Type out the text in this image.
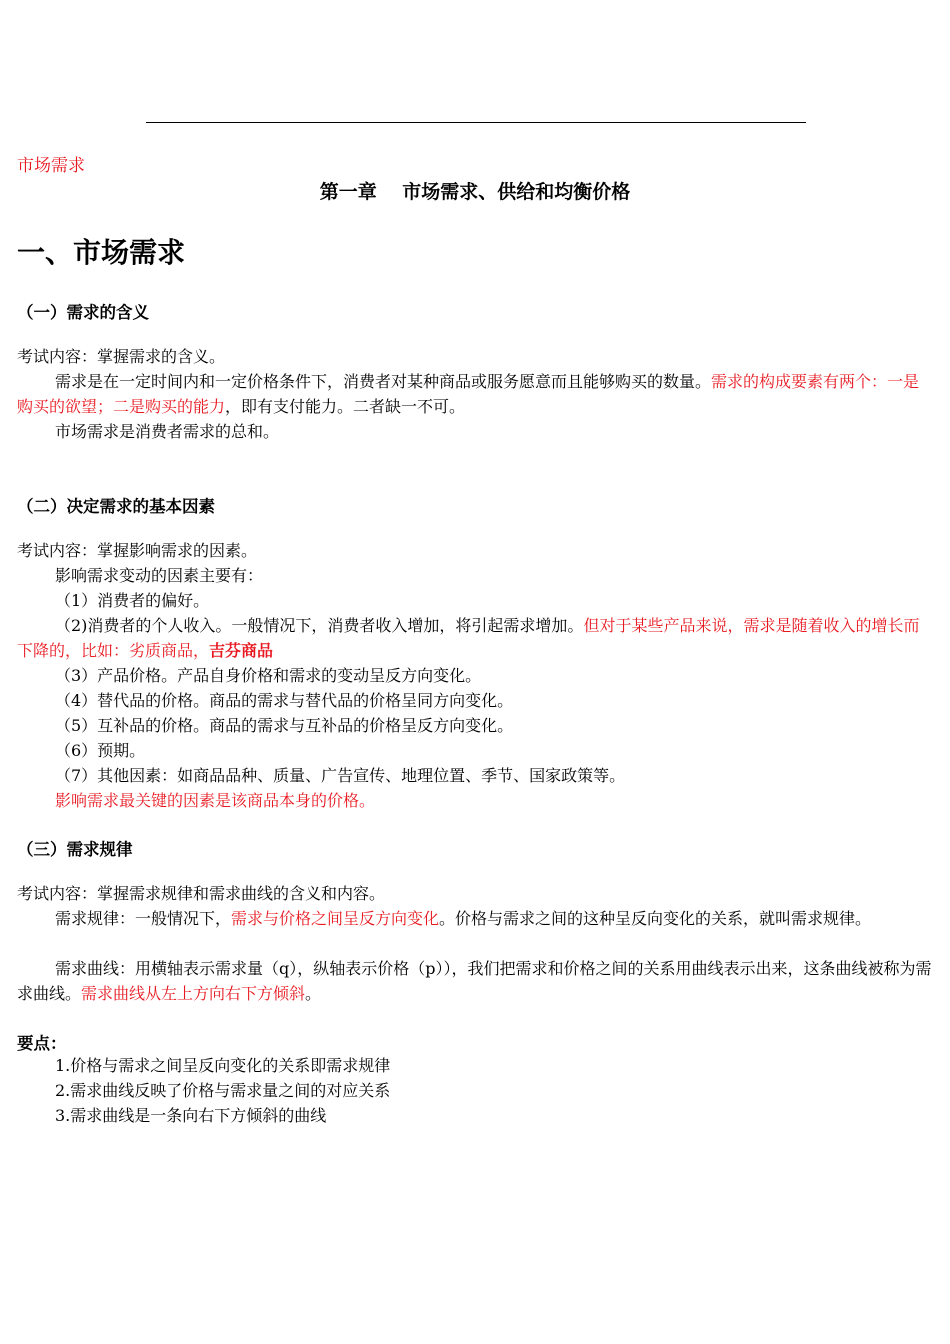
市场需求
第一章　 市场需求、供给和均衡价格
一、市场需求
（一）需求的含义
考试内容：掌握需求的含义。
需求是在一定时间内和一定价格条件下，消费者对某种商品或服务愿意而且能够购买的数量。需求的构成要素有两个：一是购买的欲望；二是购买的能力，即有支付能力。二者缺一不可。
市场需求是消费者需求的总和。
（二）决定需求的基本因素
考试内容：掌握影响需求的因素。
影响需求变动的因素主要有：
（1）消费者的偏好。
（2)消费者的个人收入。一般情况下，消费者收入增加，将引起需求增加。但对于某些产品来说，需求是随着收入的增长而下降的，比如：劣质商品，吉芬商品
（3）产品价格。产品自身价格和需求的变动呈反方向变化。
（4）替代品的价格。商品的需求与替代品的价格呈同方向变化。
（5）互补品的价格。商品的需求与互补品的价格呈反方向变化。
（6）预期。
（7）其他因素：如商品品种、质量、广告宣传、地理位置、季节、国家政策等。
影响需求最关键的因素是该商品本身的价格。
（三）需求规律
考试内容：掌握需求规律和需求曲线的含义和内容。
需求规律：一般情况下，需求与价格之间呈反方向变化。价格与需求之间的这种呈反向变化的关系，就叫需求规律。
需求曲线：用横轴表示需求量（q），纵轴表示价格（p）），我们把需求和价格之间的关系用曲线表示出来，这条曲线被称为需求曲线。需求曲线从左上方向右下方倾斜。
要点：
1.价格与需求之间呈反向变化的关系即需求规律
2.需求曲线反映了价格与需求量之间的对应关系
3.需求曲线是一条向右下方倾斜的曲线
